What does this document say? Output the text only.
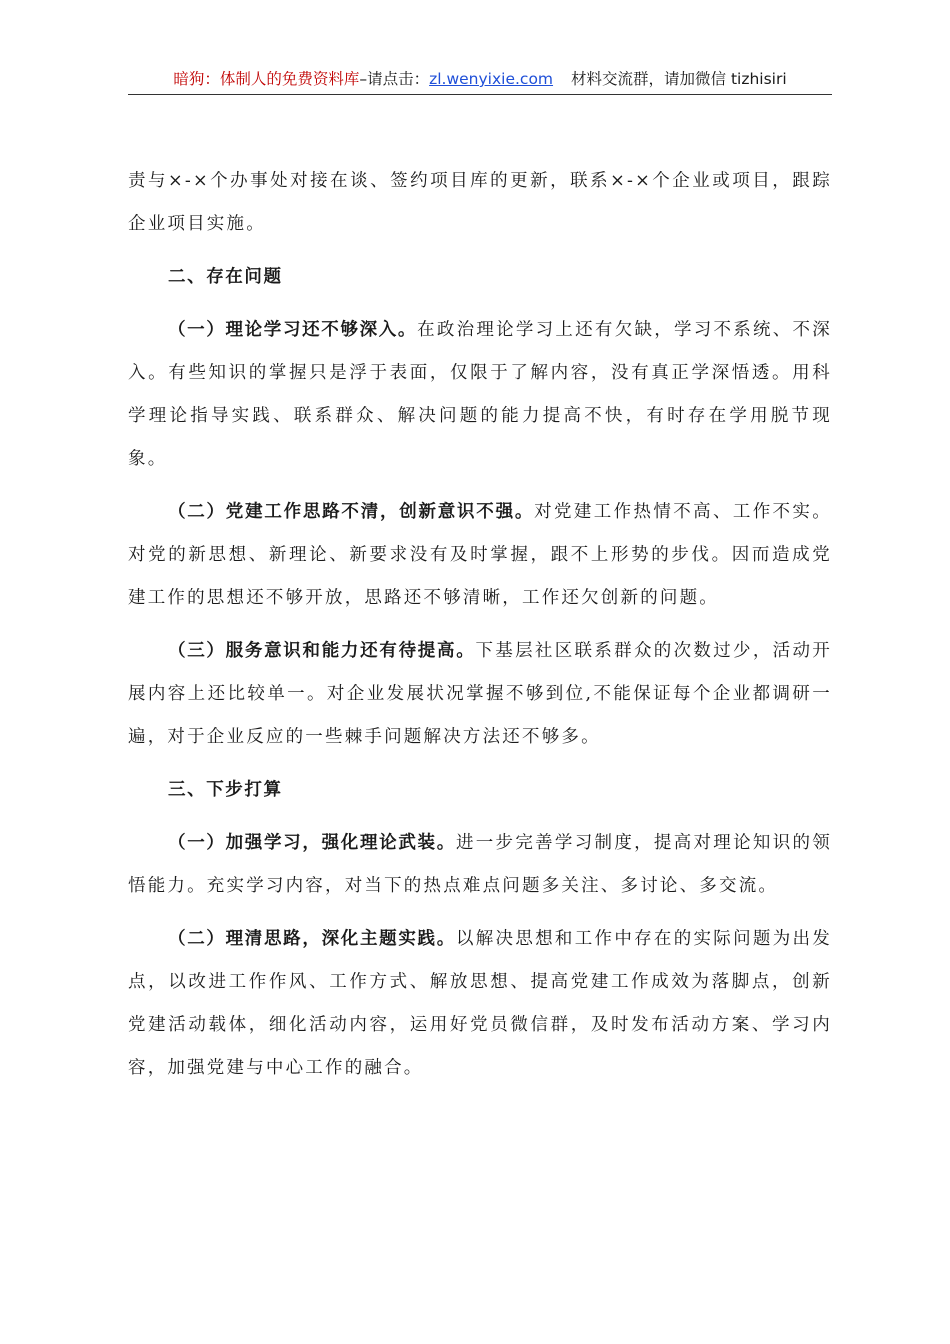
暗狗：体制人的免费资料库–请点击：zl.wenyixie.com 材料交流群，请加微信 tizhisiri

责与×-×个办事处对接在谈、签约项目库的更新，联系×-×个企业或项目，跟踪企业项目实施。

二、存在问题

（一）理论学习还不够深入。在政治理论学习上还有欠缺，学习不系统、不深入。有些知识的掌握只是浮于表面，仅限于了解内容，没有真正学深悟透。用科学理论指导实践、联系群众、解决问题的能力提高不快，有时存在学用脱节现象。

（二）党建工作思路不清，创新意识不强。对党建工作热情不高、工作不实。对党的新思想、新理论、新要求没有及时掌握，跟不上形势的步伐。因而造成党建工作的思想还不够开放，思路还不够清晰，工作还欠创新的问题。

（三）服务意识和能力还有待提高。下基层社区联系群众的次数过少，活动开展内容上还比较单一。对企业发展状况掌握不够到位,不能保证每个企业都调研一遍，对于企业反应的一些棘手问题解决方法还不够多。

三、下步打算

（一）加强学习，强化理论武装。进一步完善学习制度，提高对理论知识的领悟能力。充实学习内容，对当下的热点难点问题多关注、多讨论、多交流。

（二）理清思路，深化主题实践。以解决思想和工作中存在的实际问题为出发点，以改进工作作风、工作方式、解放思想、提高党建工作成效为落脚点，创新党建活动载体，细化活动内容，运用好党员微信群，及时发布活动方案、学习内容，加强党建与中心工作的融合。
